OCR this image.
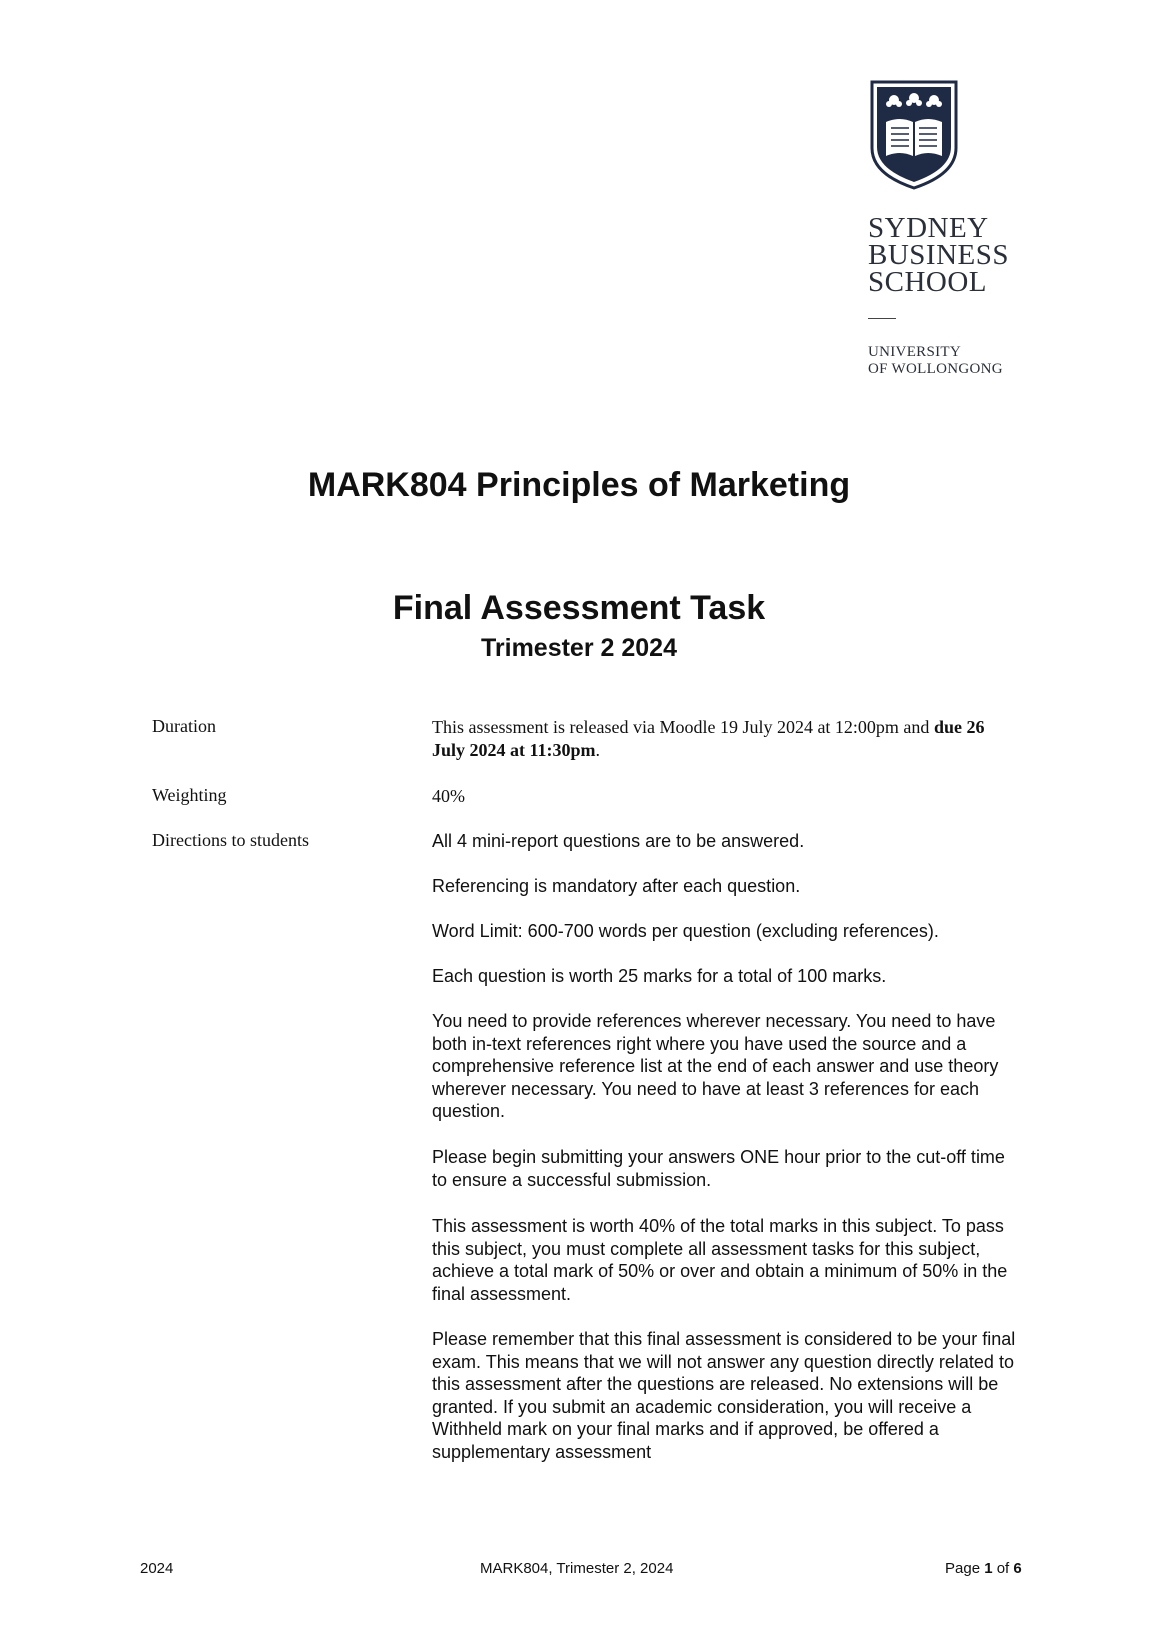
SYDNEY
BUSINESS
SCHOOL
UNIVERSITY
OF WOLLONGONG
MARK804 Principles of Marketing
Final Assessment Task
Trimester 2 2024
Duration	This assessment is released via Moodle 19 July 2024 at 12:00pm and due 26 July 2024 at 11:30pm.
Weighting	40%
Directions to students	All 4 mini-report questions are to be answered.

Referencing is mandatory after each question.

Word Limit: 600-700 words per question (excluding references).

Each question is worth 25 marks for a total of 100 marks.

You need to provide references wherever necessary. You need to have both in-text references right where you have used the source and a comprehensive reference list at the end of each answer and use theory wherever necessary. You need to have at least 3 references for each question.

Please begin submitting your answers ONE hour prior to the cut-off time to ensure a successful submission.

This assessment is worth 40% of the total marks in this subject. To pass this subject, you must complete all assessment tasks for this subject, achieve a total mark of 50% or over and obtain a minimum of 50% in the final assessment.

Please remember that this final assessment is considered to be your final exam. This means that we will not answer any question directly related to this assessment after the questions are released. No extensions will be granted. If you submit an academic consideration, you will receive a Withheld mark on your final marks and if approved, be offered a supplementary assessment

2024	MARK804, Trimester 2, 2024	Page 1 of 6
